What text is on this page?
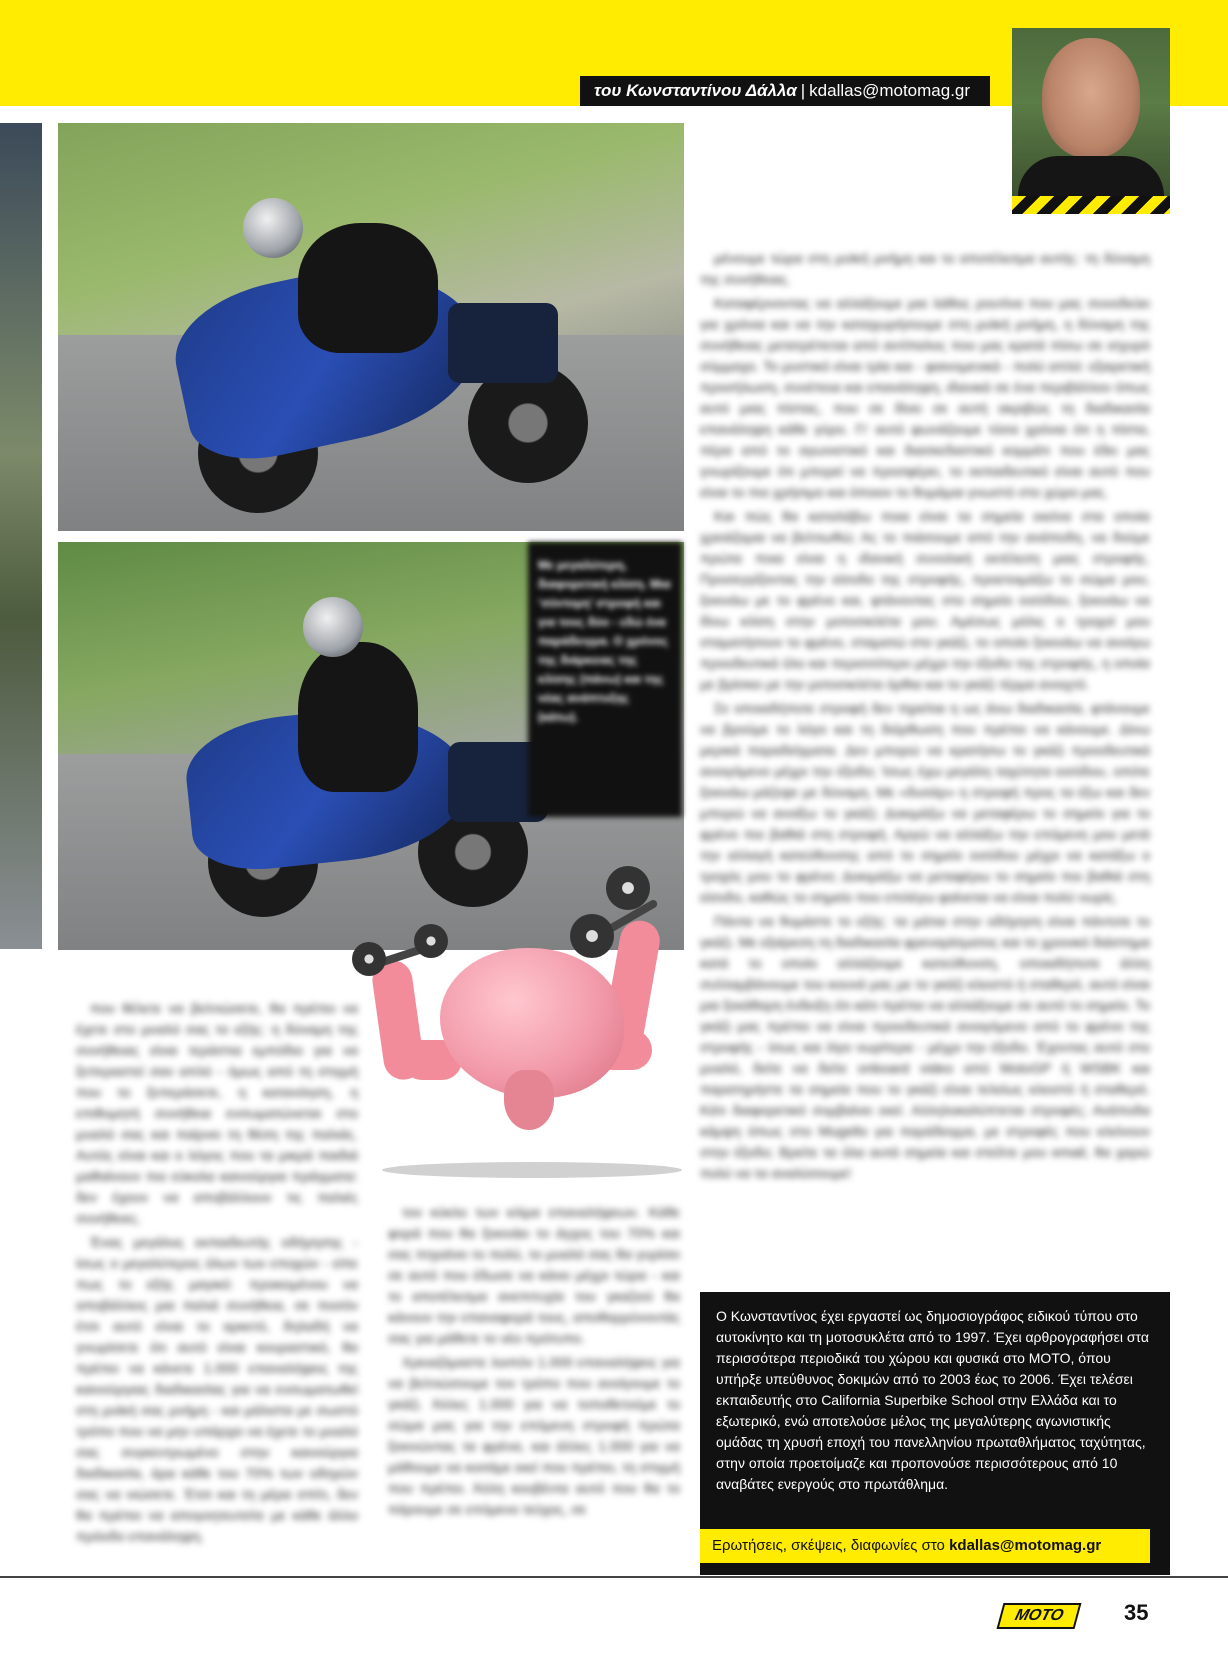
του Κωνσταντίνου Δάλλα | kdallas@motomag.gr
Με μεγαλύτερη, διαφορετική κλίση. Μια ‘σύντομη’ στροφή και για τους δύο - εδώ ένα παράδειγμα. Ο χρόνος της διάρκειας της κλίσης (πάνω) και της νέας ανάπτυξης (κάτω).

που θέλετε να βελτιώσετε, θα πρέπει να έχετε στο μυαλό σας το εξής: η δύναμη της συνήθειας είναι τεράστια εμπόδιο για να ξεπεραστεί σαν απλό - όμως από τη στιγμή που το ξεπεράσετε, η κατανόηση, η επιθυμητή συνήθεια ενσωματώνεται στο μυαλό σας και παίρνει τη θέση της παλιάς. Αυτός είναι και ο λόγος που τα μικρά παιδιά μαθαίνουν πιο εύκολα καινούργια πράγματα: δεν έχουν να αποβάλλουν τις παλιές συνήθειες.

Ένας μεγάλος εκπαιδευτής οδήγησης - ίσως ο μεγαλύτερος όλων των εποχών - είπε πως το εξής μαγικό: προκειμένου να αποβάλλεις μια παλιά συνήθεια, σε ποσόν έτσι αυτό είναι το αρκετό, δηλαδή να γνωρίσετε ότι αυτό είναι κουραστικό, θα πρέπει να κάνετε 1.000 επαναλήψεις της καινούργιας διαδικασίας για να ενσωματωθεί στη μυϊκή σας μνήμη - και μάλιστα με σωστό τρόπο που να μην υπάρχει να έχετε το μυαλό σας συγκεντρωμένο στην καινούργια διαδικασία, άρα κάθε του 70% των οδηγών σας να νιώσετε. Έτσι και τη μέρα σπίτι, δεν θα πρέπει να απογοητευτείτε με κάθε άλλο πρόοδο επανάληψη.

τον κύκλο των κλίμα επαναλήψεων. Κάθε φορά που θα ξεκινάει το άγχος του 70% και σας πηγαίνει το πολύ, το μυαλό σας θα γυρίσει σε αυτό που έδωσε να κάνει μέχρι τώρα - και το αποτέλεσμα ανεπιτυχία του γκαζιού θα κάνουν την επαναφορά τους, αποθαρρύνοντάς σας για μάθετε το νέο πρότυπο.

Χρειαζόμαστε λοιπόν 1.000 επαναλήψεις για να βελτιώσουμε τον τρόπο που ανοίγουμε το γκάζι. Άλλες 1.000 για να τοποθετούμε το σώμα μας για την επόμενη στροφή πρώτα ξεκινώντας τα φρένα, και άλλες 1.000 για να μάθουμε να κοιτάμε εκεί που πρέπει, τη στιγμή που πρέπει. Άλλη κουβέντα αυτό που θα το πάρουμε σε επόμενο τεύχος, σε

μένουμε τώρα στη μυϊκή μνήμη και το αποτέλεσμα αυτής: τη δύναμη της συνήθειας.

Καταφέρνοντας να αλλάξουμε μια λάθος ρουτίνα που μας συνοδεύει για χρόνια και να την καταχωρήσουμε στη μυϊκή μνήμη, η δύναμη της συνήθειας μετατρέπεται από αντίπαλος που μας κρατά πίσω σε ισχυρό σύμμαχο. Το μυστικό είναι τρία και - φαινομενικά - πολύ απλό: εξαιρετική προσήλωση, συνέπεια και επανάληψη, ιδανικά σε ένα περιβάλλον όπως αυτό μιας πίστας, που σε δίνει σε αυτή ακριβώς τη διαδικασία επανάληψη κάθε γύρο. Γι' αυτό φωνάζουμε τόσα χρόνια ότι η πίστα, πέρα από το αγωνιστικό και διασκεδαστικό κομμάτι που έδει μας γνωρίζουμε ότι μπορεί να προσφέρει, το εκπαιδευτικό είναι αυτό που είναι το πιο χρήσιμο και όποιον το θυμάμαι γνωστό στο χώρο μας.

Και πώς θα καταλάβω ποια είναι τα σημεία εκείνα στα οποία χρειάζομαι να βελτιωθώ; Ας το πιάσουμε από την ανάποδη, να δούμε πρώτα ποια είναι η ιδανική συνολική εκτέλεση μιας στροφής. Προσεγγίζοντας την είσοδο της στροφής, προετοιμάζω το σώμα μου, ξεκινάω με το φρένο και, φτάνοντας στο σημείο εισόδου, ξεκινάω να δίνω κλίση στην μοτοσικλέτα μου. Αμέσως μόλις ο τροχοί μου σταματήσουν το φρένο, σταματώ στο γκάζι, το οποίο ξεκινάω να ανοίγω προοδευτικά όλο και περισσότερο μέχρι την έξοδο της στροφής, η οποία με βρίσκει με την μοτοσικλέτα όρθια και το γκάζι τέρμα ανοιχτό.

Σε οποιαδήποτε στροφή δεν τηρείται η ως άνω διαδικασία, φτάνουμε να βρούμε το λόγο και τη διόρθωση που πρέπει να κάνουμε. Δίνω μερικά παραδείγματα. Δεν μπορώ να κρατήσω το γκάζι προοδευτικά ανοιγόμενο μέχρι την έξοδο; Ίσως έχω μεγάλη ταχύτητα εισόδου, οπότε ξεκινάω μάζεψε με δύναμη. Με «δυσάρ» η στροφή προς τα έξω και δεν μπορώ να ανοίξω το γκάζι; Δοκιμάζω να μεταφέρω το σημείο για το φρένο πιο βαθιά στη στροφή. Αργώ να αλλάξω την επόμενη μου μετά την αλλαγή κατεύθυνσης από το σημείο εισόδου μέχρι να κατάξω ο τροχός μου το φρένο; Δοκιμάζω να μεταφέρω το σημείο πιο βαθιά στη είσοδο, καθώς το σημείο που επιλέγω φαίνεται να είναι πολύ νωρίς.

Πάντα να θυμάστε το εξής: τα μάτια στην οδήγηση είναι πάντοτε το γκάζι. Με εξαίρεση τη διαδικασία φρεναρίσματος και το χρονικό διάστημα κατά το οποίο αλλάζουμε κατεύθυνση, οποιαδήποτε άλλη συλλαμβάνουμε του κουνά μας με το γκάζι κλειστό ή σταθερό, αυτό είναι μια ξεκάθαρη ένδειξη ότι κάτι πρέπει να αλλάξουμε σε αυτό το σημείο. Το γκάζι μας πρέπει να είναι προοδευτικά ανοιγόμενο από το φρένο της στροφής - ίσως και λίγο νωρίτερα - μέχρι την έξοδο. Έχοντας αυτό στο μυαλό, δείτε να δείτε onboard video από MotoGP ή WSBK και παρατηρήστε τα σημεία που το γκάζι είναι τελείως κλειστό ή σταθερό. Κάτι διαφορετικό συμβαίνει εκεί. Αλληλοκαλύπτεται στροφές; Ανάποδα κάμψη όπως στο Mugello για παράδειγμα, με στροφές που κλείνουν στην έξοδο; Βρείτε τα όλα αυτά σημεία και στείλτε μου email, θα χαρώ πολύ να τα αναλύσουμε!

Ο Κωνσταντίνος έχει εργαστεί ως δημοσιογράφος ειδικού τύπου στο αυτοκίνητο και τη μοτοσυκλέτα από το 1997. Έχει αρθρογραφήσει στα περισσότερα περιοδικά του χώρου και φυσικά στο ΜΟΤΟ, όπου υπήρξε υπεύθυνος δοκιμών από το 2003 έως το 2006. Έχει τελέσει εκπαιδευτής στο California Superbike School στην Ελλάδα και το εξωτερικό, ενώ αποτελούσε μέλος της μεγαλύτερης αγωνιστικής ομάδας τη χρυσή εποχή του πανελληνίου πρωταθλήματος ταχύτητας, στην οποία προετοίμαζε και προπονούσε περισσότερους από 10 αναβάτες ενεργούς στο πρωτάθλημα.
Ερωτήσεις, σκέψεις, διαφωνίες στο kdallas@motomag.gr
MOTO	35
